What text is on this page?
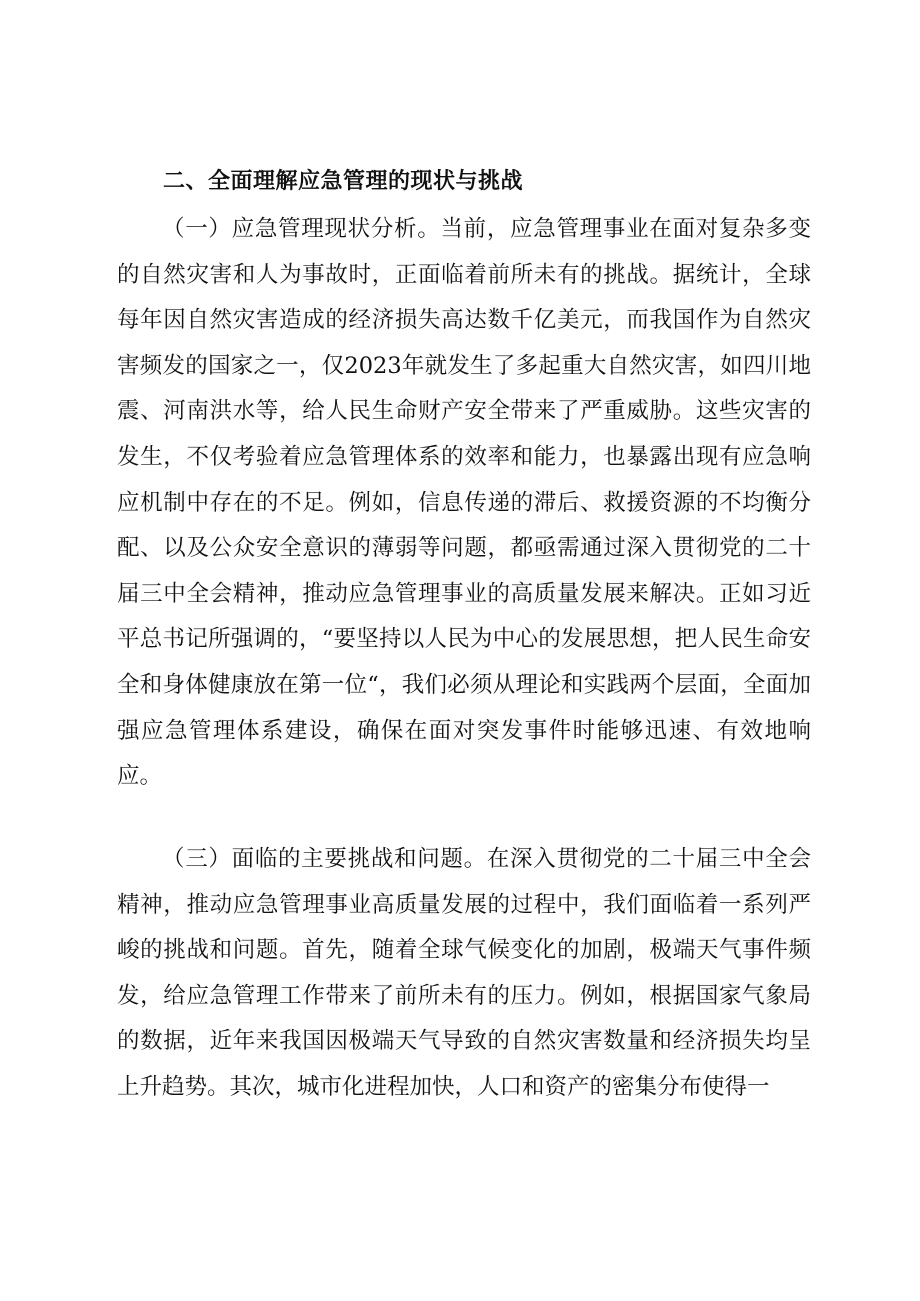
二、全面理解应急管理的现状与挑战

（一）应急管理现状分析。当前，应急管理事业在面对复杂多变的自然灾害和人为事故时，正面临着前所未有的挑战。据统计，全球每年因自然灾害造成的经济损失高达数千亿美元，而我国作为自然灾害频发的国家之一，仅2023年就发生了多起重大自然灾害，如四川地震、河南洪水等，给人民生命财产安全带来了严重威胁。这些灾害的发生，不仅考验着应急管理体系的效率和能力，也暴露出现有应急响应机制中存在的不足。例如，信息传递的滞后、救援资源的不均衡分配、以及公众安全意识的薄弱等问题，都亟需通过深入贯彻党的二十届三中全会精神，推动应急管理事业的高质量发展来解决。正如习近平总书记所强调的，“要坚持以人民为中心的发展思想，把人民生命安全和身体健康放在第一位“，我们必须从理论和实践两个层面，全面加强应急管理体系建设，确保在面对突发事件时能够迅速、有效地响应。

（三）面临的主要挑战和问题。在深入贯彻党的二十届三中全会精神，推动应急管理事业高质量发展的过程中，我们面临着一系列严峻的挑战和问题。首先，随着全球气候变化的加剧，极端天气事件频发，给应急管理工作带来了前所未有的压力。例如，根据国家气象局的数据，近年来我国因极端天气导致的自然灾害数量和经济损失均呈上升趋势。其次，城市化进程加快，人口和资产的密集分布使得一
